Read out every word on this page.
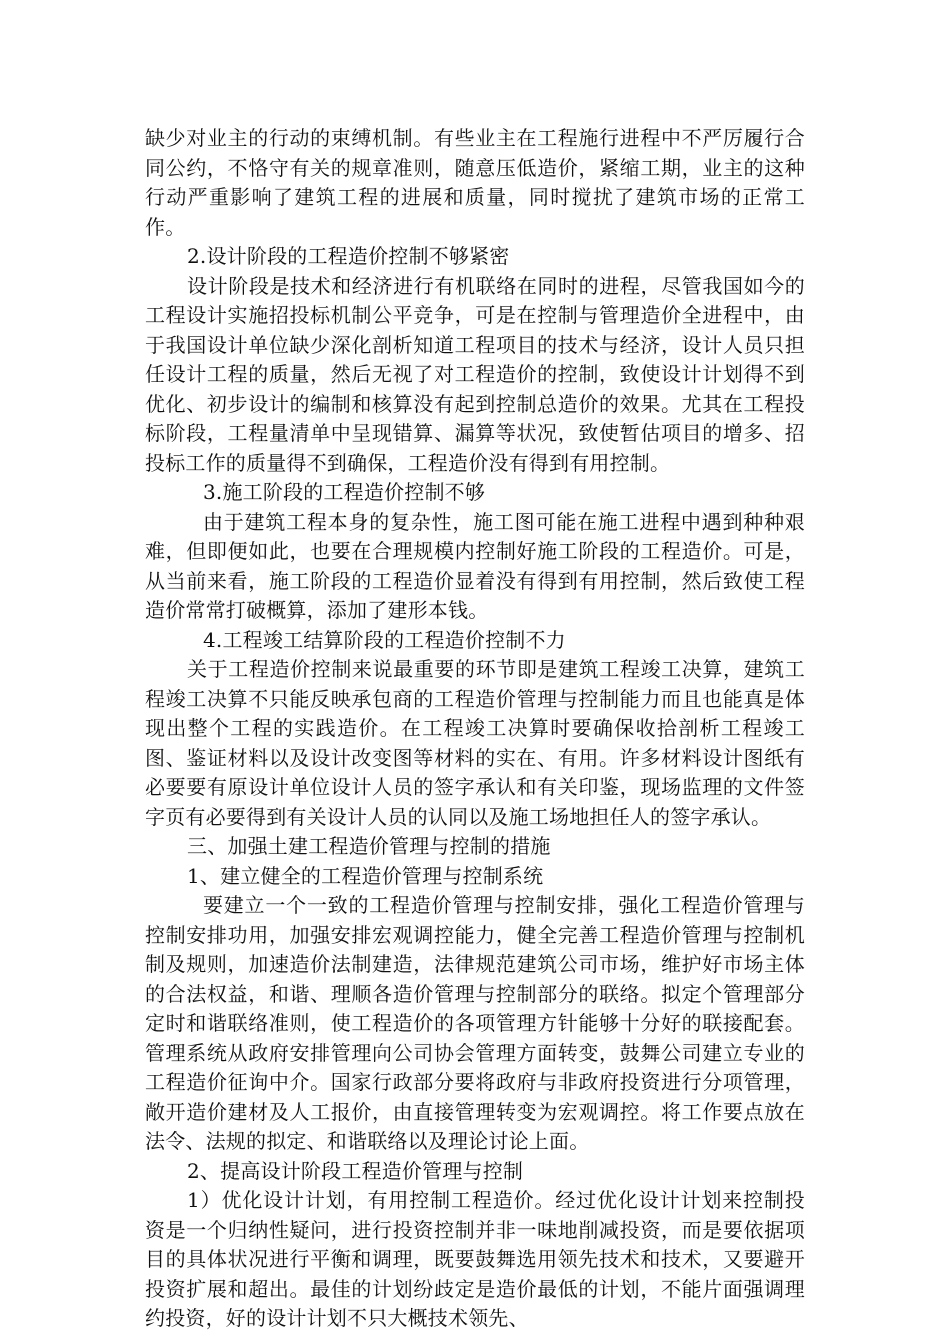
缺少对业主的行动的束缚机制。有些业主在工程施行进程中不严厉履行合同公约，不恪守有关的规章准则，随意压低造价，紧缩工期，业主的这种行动严重影响了建筑工程的进展和质量，同时搅扰了建筑市场的正常工作。

2.设计阶段的工程造价控制不够紧密

设计阶段是技术和经济进行有机联络在同时的进程，尽管我国如今的工程设计实施招投标机制公平竞争，可是在控制与管理造价全进程中，由于我国设计单位缺少深化剖析知道工程项目的技术与经济，设计人员只担任设计工程的质量，然后无视了对工程造价的控制，致使设计计划得不到优化、初步设计的编制和核算没有起到控制总造价的效果。尤其在工程投标阶段，工程量清单中呈现错算、漏算等状况，致使暂估项目的增多、招投标工作的质量得不到确保，工程造价没有得到有用控制。

3.施工阶段的工程造价控制不够

由于建筑工程本身的复杂性，施工图可能在施工进程中遇到种种艰难，但即便如此，也要在合理规模内控制好施工阶段的工程造价。可是，从当前来看，施工阶段的工程造价显着没有得到有用控制，然后致使工程造价常常打破概算，添加了建形本钱。

4.工程竣工结算阶段的工程造价控制不力

关于工程造价控制来说最重要的环节即是建筑工程竣工决算，建筑工程竣工决算不只能反映承包商的工程造价管理与控制能力而且也能真是体现出整个工程的实践造价。在工程竣工决算时要确保收拾剖析工程竣工图、鉴证材料以及设计改变图等材料的实在、有用。许多材料设计图纸有必要要有原设计单位设计人员的签字承认和有关印鉴，现场监理的文件签字页有必要得到有关设计人员的认同以及施工场地担任人的签字承认。

三、加强土建工程造价管理与控制的措施

1、建立健全的工程造价管理与控制系统

要建立一个一致的工程造价管理与控制安排，强化工程造价管理与控制安排功用，加强安排宏观调控能力，健全完善工程造价管理与控制机制及规则，加速造价法制建造，法律规范建筑公司市场，维护好市场主体的合法权益，和谐、理顺各造价管理与控制部分的联络。拟定个管理部分定时和谐联络准则，使工程造价的各项管理方针能够十分好的联接配套。管理系统从政府安排管理向公司协会管理方面转变，鼓舞公司建立专业的工程造价征询中介。国家行政部分要将政府与非政府投资进行分项管理，敞开造价建材及人工报价，由直接管理转变为宏观调控。将工作要点放在法令、法规的拟定、和谐联络以及理论讨论上面。

2、提高设计阶段工程造价管理与控制

1）优化设计计划，有用控制工程造价。经过优化设计计划来控制投资是一个归纳性疑问，进行投资控制并非一味地削减投资，而是要依据项目的具体状况进行平衡和调理，既要鼓舞选用领先技术和技术，又要避开投资扩展和超出。最佳的计划纷歧定是造价最低的计划，不能片面强调理约投资，好的设计计划不只大概技术领先、
